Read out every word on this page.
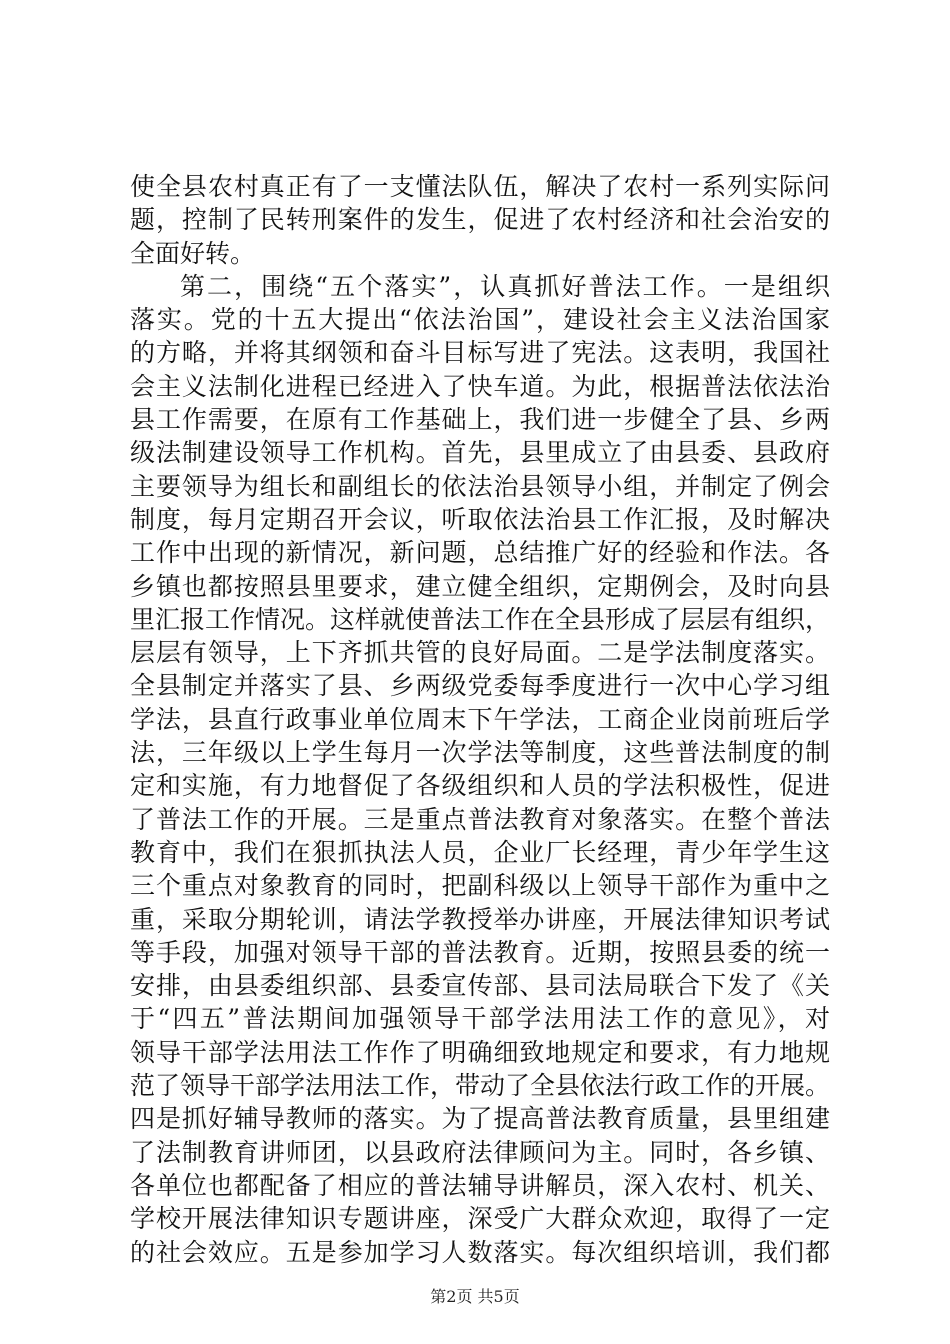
使全县农村真正有了一支懂法队伍，解决了农村一系列实际问
题，控制了民转刑案件的发生，促进了农村经济和社会治安的
全面好转。
第二，围绕“五个落实”，认真抓好普法工作。一是组织
落实。党的十五大提出“依法治国”，建设社会主义法治国家
的方略，并将其纲领和奋斗目标写进了宪法。这表明，我国社
会主义法制化进程已经进入了快车道。为此，根据普法依法治
县工作需要，在原有工作基础上，我们进一步健全了县、乡两
级法制建设领导工作机构。首先，县里成立了由县委、县政府
主要领导为组长和副组长的依法治县领导小组，并制定了例会
制度，每月定期召开会议，听取依法治县工作汇报，及时解决
工作中出现的新情况，新问题，总结推广好的经验和作法。各
乡镇也都按照县里要求，建立健全组织，定期例会，及时向县
里汇报工作情况。这样就使普法工作在全县形成了层层有组织，
层层有领导，上下齐抓共管的良好局面。二是学法制度落实。
全县制定并落实了县、乡两级党委每季度进行一次中心学习组
学法，县直行政事业单位周末下午学法，工商企业岗前班后学
法，三年级以上学生每月一次学法等制度，这些普法制度的制
定和实施，有力地督促了各级组织和人员的学法积极性，促进
了普法工作的开展。三是重点普法教育对象落实。在整个普法
教育中，我们在狠抓执法人员，企业厂长经理，青少年学生这
三个重点对象教育的同时，把副科级以上领导干部作为重中之
重，采取分期轮训，请法学教授举办讲座，开展法律知识考试
等手段，加强对领导干部的普法教育。近期，按照县委的统一
安排，由县委组织部、县委宣传部、县司法局联合下发了《关
于“四五”普法期间加强领导干部学法用法工作的意见》，对
领导干部学法用法工作作了明确细致地规定和要求，有力地规
范了领导干部学法用法工作，带动了全县依法行政工作的开展。
四是抓好辅导教师的落实。为了提高普法教育质量，县里组建
了法制教育讲师团，以县政府法律顾问为主。同时，各乡镇、
各单位也都配备了相应的普法辅导讲解员，深入农村、机关、
学校开展法律知识专题讲座，深受广大群众欢迎，取得了一定
的社会效应。五是参加学习人数落实。每次组织培训，我们都
第2页 共5页
